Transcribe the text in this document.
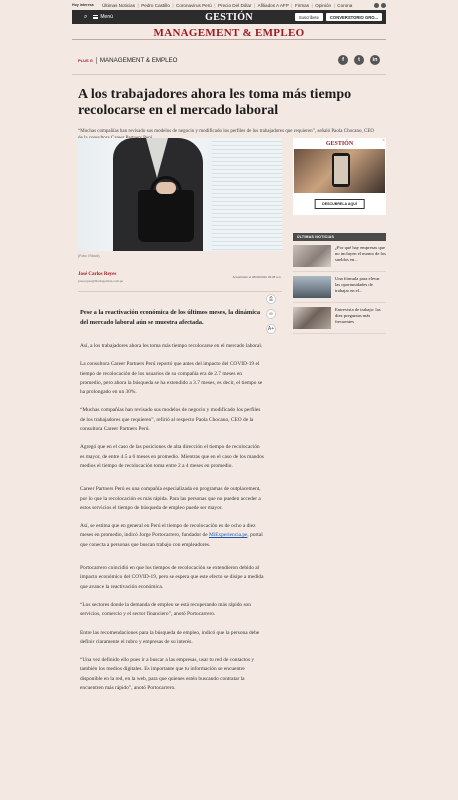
Hoy interesa Últimas Noticias | Pedro Castillo | Coronavirus Perú | Precio Del Dólar | Afiliados A AFP | Firmas | Opinión | Corona
⌕	Menú	GESTIÓN	Suscríbete	CONVERSTORIO GRO...
MANAGEMENT & EMPLEO
PLUS G	MANAGEMENT & EMPLEO	f	t	in
A los trabajadores ahora les toma más tiempo recolocarse en el mercado laboral

“Muchas compañías han revisado sus modelos de negocio y modificado los perfiles de los trabajadores que requieren”, señaló Paola Chocano, CEO

(Foto: IStock)
José Carlos Reyes
jose.reyes@diariogestion.com.pe
Actualizado el 08/09/2020 09:08 a.m.

Pese a la reactivación económica de los últimos meses, la dinámica del mercado laboral aún se muestra afectada.

Así, a los trabajadores ahora les toma más tiempo recolocarse en el mercado laboral.

La consultora Career Partners Perú reportó que antes del impacto del COVID-19 el tiempo de recolocación de los usuarios de su compañía era de 2.7 meses en promedio, pero ahora la búsqueda se ha extendido a 3.7 meses, es decir, el tiempo se ha prolongado en un 30%.

“Muchas compañías han revisado sus modelos de negocio y modificado los perfiles de los trabajadores que requieren”, refirió al respecto Paola Chocano, CEO de la consultora Career Partners Perú.

Agregó que en el caso de las posiciones de alta dirección el tiempo de recolocación es mayor, de entre 4.5 a 6 meses en promedio. Mientras que en el caso de los mandos medios el tiempo de recolocación toma entre 2 a 4 meses en promedio.

Career Partners Perú es una compañía especializada en programas de outplacement, por lo que la recolocación es más rápida. Para las personas que no pueden acceder a estos servicios el tiempo de búsqueda de empleo puede ser mayor.

Así, se estima que en general en Perú el tiempo de recolocación es de ocho a diez meses en promedio, indicó Jorge Portocarrero, fundador de MiExperiencia.pe, portal que conecta a personas que buscan trabajo con empleadores.

Portocarrero coincidió en que los tiempos de recolocación se extendieron debido al impacto económico del COVID-19, pero se espera que este efecto se disipe a medida que avance la reactivación económica.

“Los sectores donde la demanda de empleo se está recuperando más rápido son servicios, comercio y el sector financiero”, anotó Portocarrero.

Entre las recomendaciones para la búsqueda de empleo, indicó que la persona debe definir claramente el rubro y empresas de su interés.

“Una vez definido ello pues ir a buscar a las empresas, usar tu red de contactos y también los medios digitales. Es importante que tu información se encuentre disponible en la red, en la web, para que quienes estén buscando contratar la encuentren más rápido”, anotó Portocarrero.

⎙
∞
A+
✕
GESTIÓN
DESCUBRELA AQUÍ
ÚLTIMAS NOTICIAS
¿Por qué hay empresas que no incluyen el monto de los sueldos en...
Una fórmula para elevar las oportunidades de trabajar en el...
Entrevista de trabajo: las diez preguntas más frecuentes
